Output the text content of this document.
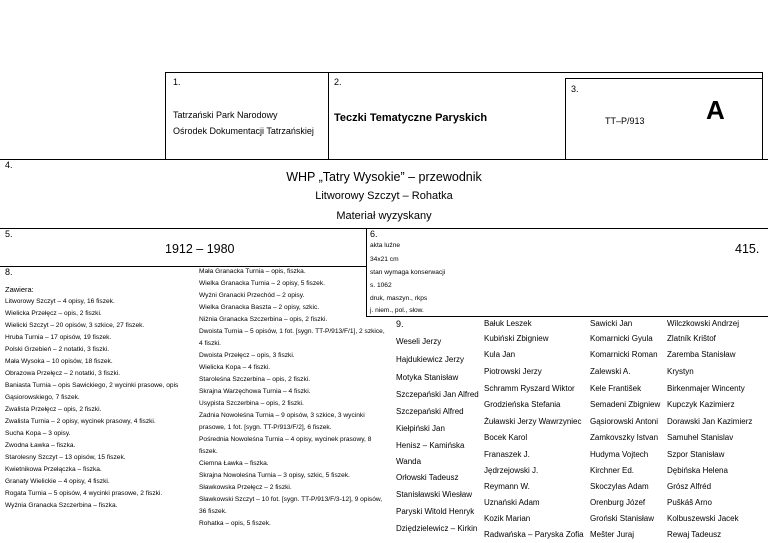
1.	2.
3.
Tatrzański Park Narodowy
Ośrodek Dokumentacji Tatrzańskiej
Teczki Tematyczne Paryskich	TT–P/913 A
4.
WHP „Tatry Wysokie” – przewodnik
Litworowy Szczyt – Rohatka
Materiał wyzyskany
5.
1912 – 1980
6.
akta luźne
34x21 cm
stan wymaga konserwacji
s. 1062
druk, maszyn., rkps
j. niem., pol., słow.
415.
8.
Zawiera:
Litworowy Szczyt – 4 opisy, 16 fiszek.
Wielicka Przełęcz – opis, 2 fiszki.
Wielicki Szczyt – 20 opisów, 3 szkice, 27 fiszek.
Hruba Turnia – 17 opisów, 19 fiszek.
Polski Grzebień – 2 notatki, 3 fiszki.
Mała Wysoka – 10 opisów, 18 fiszek.
Obrazowa Przełęcz – 2 notatki, 3 fiszki.
Baniasta Turnia – opis Sawickiego, 2 wycinki prasowe, opis
Gąsiorowskiego, 7 fiszek.
Zwalista Przełęcz – opis, 2 fiszki.
Zwalista Turnia – 2 opisy, wycinek prasowy, 4 fiszki.
Sucha Kopa – 3 opisy.
Zwodna Ławka – fiszka.
Starolesny Szczyt – 13 opisów, 15 fiszek.
Kwietnikowa Przełączka – fiszka.
Granaty Wielickie – 4 opisy, 4 fiszki.
Rogata Turnia – 5 opisów, 4 wycinki prasowe, 2 fiszki.
Wyżnia Granacka Szczerbina – fiszka.
Mała Granacka Turnia – opis, fiszka.
Wielka Granacka Turnia – 2 opisy, 5 fiszek.
Wyżni Granacki Przechód – 2 opisy.
Wielka Granacka Baszta – 2 opisy, szkic.
Niżnia Granacka Szczerbina – opis, 2 fiszki.
Dwoista Turnia – 5 opisów, 1 fot. [sygn. TT-P/913/F/1], 2 szkice,
4 fiszki.
Dwoista Przełęcz – opis, 3 fiszki.
Wielicka Kopa – 4 fiszki.
Staroleśna Szczerbina – opis, 2 fiszki.
Skrajna Warzęchowa Turnia – 4 fiszki.
Usypista Szczerbina – opis, 2 fiszki.
Zadnia Nowoleśna Turnia – 9 opisów, 3 szkice, 3 wycinki
prasowe, 1 fot. [sygn. TT-P/913/F/2], 6 fiszek.
Pośrednia Nowoleśna Turnia – 4 opisy, wycinek prasowy, 8
fiszek.
Ciemna Ławka – fiszka.
Skrajna Nowoleśna Turnia – 3 opisy, szkic, 5 fiszek.
Sławkowska Przełęcz – 2 fiszki.
Sławkowski Szczyt – 10 fot. [sygn. TT-P/913/F/3-12], 9 opisów,
36 fiszek.
Rohatka – opis, 5 fiszek.
9.
Weseli Jerzy
Hajdukiewicz Jerzy
Motyka Stanisław
Szczepański Jan Alfred
Szczepański Alfred
Kiełpiński Jan
Henisz – Kamińska
Wanda
Orłowski Tadeusz
Stanisławski Wiesław
Paryski Witold Henryk
Dziędzielewicz – Kirkin
Bałuk Leszek
Kubiński Zbigniew
Kula Jan
Piotrowski Jerzy
Schramm Ryszard Wiktor
Grodzieńska Stefania
Żuławski Jerzy Wawrzyniec
Bocek Karol
Franaszek J.
Jędrzejowski J.
Reymann W.
Uznański Adam
Kozik Marian
Radwańska – Paryska Zofia
Sawicki Jan
Komarnicki Gyula
Komarnicki Roman
Zalewski A.
Kele František
Semadeni Zbigniew
Gąsiorowski Antoni
Zamkovszky Istvan
Hudyma Vojtech
Kirchner Ed.
Skoczylas Adam
Orenburg Józef
Groński Stanisław
Mešter Juraj
Wilczkowski Andrzej
Zlatník Krištof
Zaremba Stanisław
Krystyn
Birkenmajer Wincenty
Kupczyk Kazimierz
Dorawski Jan Kazimierz
Samuhel Stanislav
Szpor Stanisław
Dębińska Helena
Grósz Alfréd
Puškáš Arno
Kolbuszewski Jacek
Rewaj Tadeusz
